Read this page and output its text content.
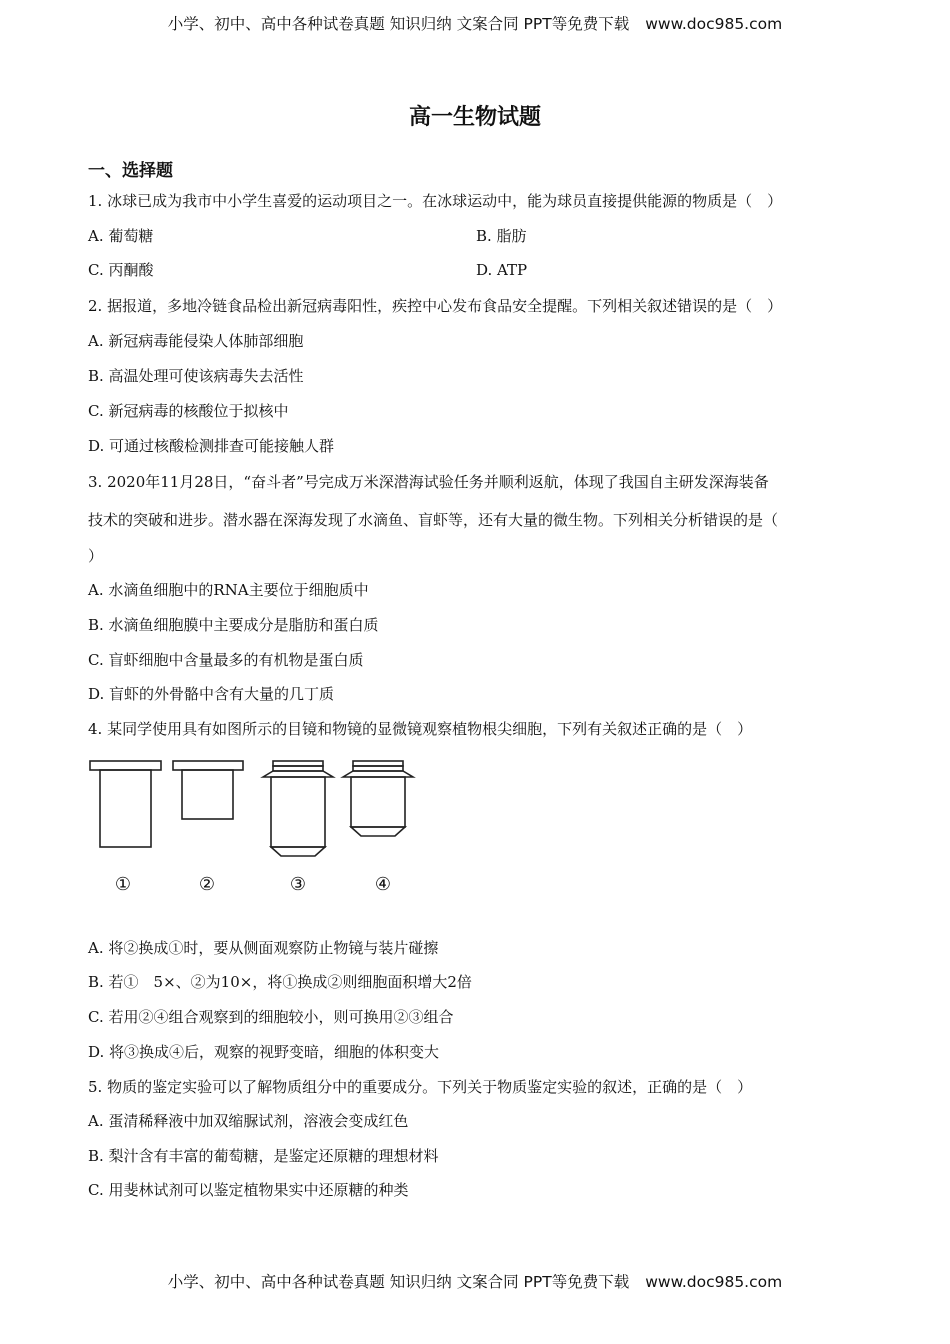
小学、初中、高中各种试卷真题 知识归纳 文案合同 PPT等免费下载 www.doc985.com
高一生物试题
一、选择题
1. 冰球已成为我市中小学生喜爱的运动项目之一。在冰球运动中，能为球员直接提供能源的物质是（　）
A. 葡萄糖	B. 脂肪
C. 丙酮酸	D. ATP
2. 据报道，多地冷链食品检出新冠病毒阳性，疾控中心发布食品安全提醒。下列相关叙述错误的是（　）
A. 新冠病毒能侵染人体肺部细胞
B. 高温处理可使该病毒失去活性
C. 新冠病毒的核酸位于拟核中
D. 可通过核酸检测排查可能接触人群
3. 2020年11月28日，“奋斗者”号完成万米深潜海试验任务并顺利返航，体现了我国自主研发深海装备
技术的突破和进步。潜水器在深海发现了水滴鱼、盲虾等，还有大量的微生物。下列相关分析错误的是（
）
A. 水滴鱼细胞中的RNA主要位于细胞质中
B. 水滴鱼细胞膜中主要成分是脂肪和蛋白质
C. 盲虾细胞中含量最多的有机物是蛋白质
D. 盲虾的外骨骼中含有大量的几丁质
4. 某同学使用具有如图所示的目镜和物镜的显微镜观察植物根尖细胞，下列有关叙述正确的是（　）
①	②	③	④
A. 将②换成①时，要从侧面观察防止物镜与装片碰擦
B. 若①　5×、②为10×，将①换成②则细胞面积增大2倍
C. 若用②④组合观察到的细胞较小，则可换用②③组合
D. 将③换成④后，观察的视野变暗，细胞的体积变大
5. 物质的鉴定实验可以了解物质组分中的重要成分。下列关于物质鉴定实验的叙述，正确的是（　）
A. 蛋清稀释液中加双缩脲试剂，溶液会变成红色
B. 梨汁含有丰富的葡萄糖，是鉴定还原糖的理想材料
C. 用斐林试剂可以鉴定植物果实中还原糖的种类
小学、初中、高中各种试卷真题 知识归纳 文案合同 PPT等免费下载 www.doc985.com
